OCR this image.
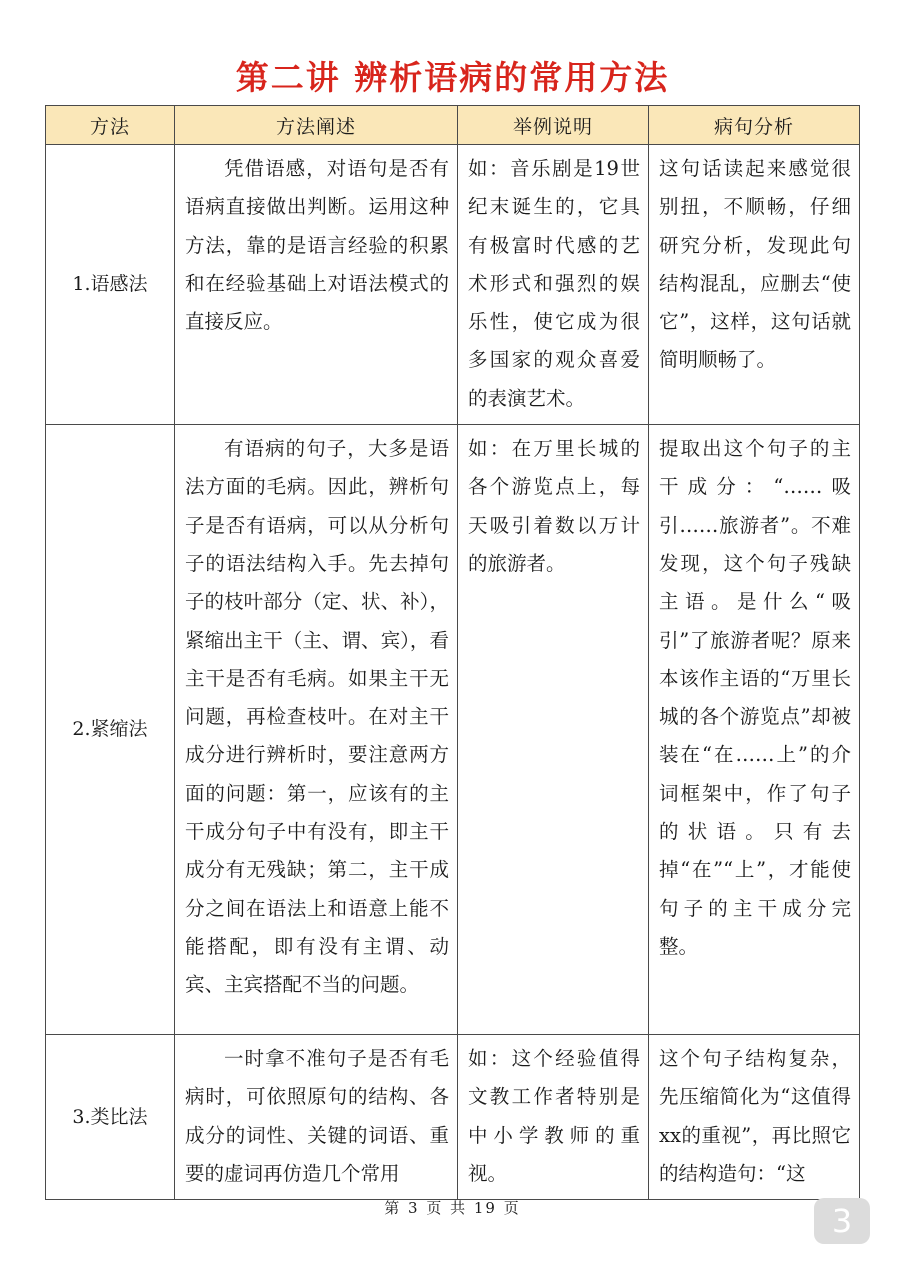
第二讲 辨析语病的常用方法
方法	方法阐述	举例说明	病句分析
1.语感法	凭借语感，对语句是否有语病直接做出判断。运用这种方法，靠的是语言经验的积累和在经验基础上对语法模式的直接反应。	如：音乐剧是19世纪末诞生的，它具有极富时代感的艺术形式和强烈的娱乐性，使它成为很多国家的观众喜爱的表演艺术。	这句话读起来感觉很别扭，不顺畅，仔细研究分析，发现此句结构混乱，应删去“使它”，这样，这句话就简明顺畅了。
2.紧缩法	有语病的句子，大多是语法方面的毛病。因此，辨析句子是否有语病，可以从分析句子的语法结构入手。先去掉句子的枝叶部分（定、状、补），紧缩出主干（主、谓、宾），看主干是否有毛病。如果主干无问题，再检查枝叶。在对主干成分进行辨析时，要注意两方面的问题：第一，应该有的主干成分句子中有没有，即主干成分有无残缺；第二，主干成分之间在语法上和语意上能不能搭配，即有没有主谓、动宾、主宾搭配不当的问题。	如：在万里长城的各个游览点上，每天吸引着数以万计的旅游者。	提取出这个句子的主干成分：“……吸引……旅游者”。不难发现，这个句子残缺主语。是什么“吸引”了旅游者呢？原来本该作主语的“万里长城的各个游览点”却被装在“在……上”的介词框架中，作了句子的状语。只有去掉“在”“上”，才能使句子的主干成分完整。
3.类比法	一时拿不准句子是否有毛病时，可依照原句的结构、各成分的词性、关键的词语、重要的虚词再仿造几个常用	如：这个经验值得文教工作者特别是中小学教师的重视。	这个句子结构复杂，先压缩简化为“这值得xx的重视”，再比照它的结构造句：“这
第 3 页 共 19 页	3
